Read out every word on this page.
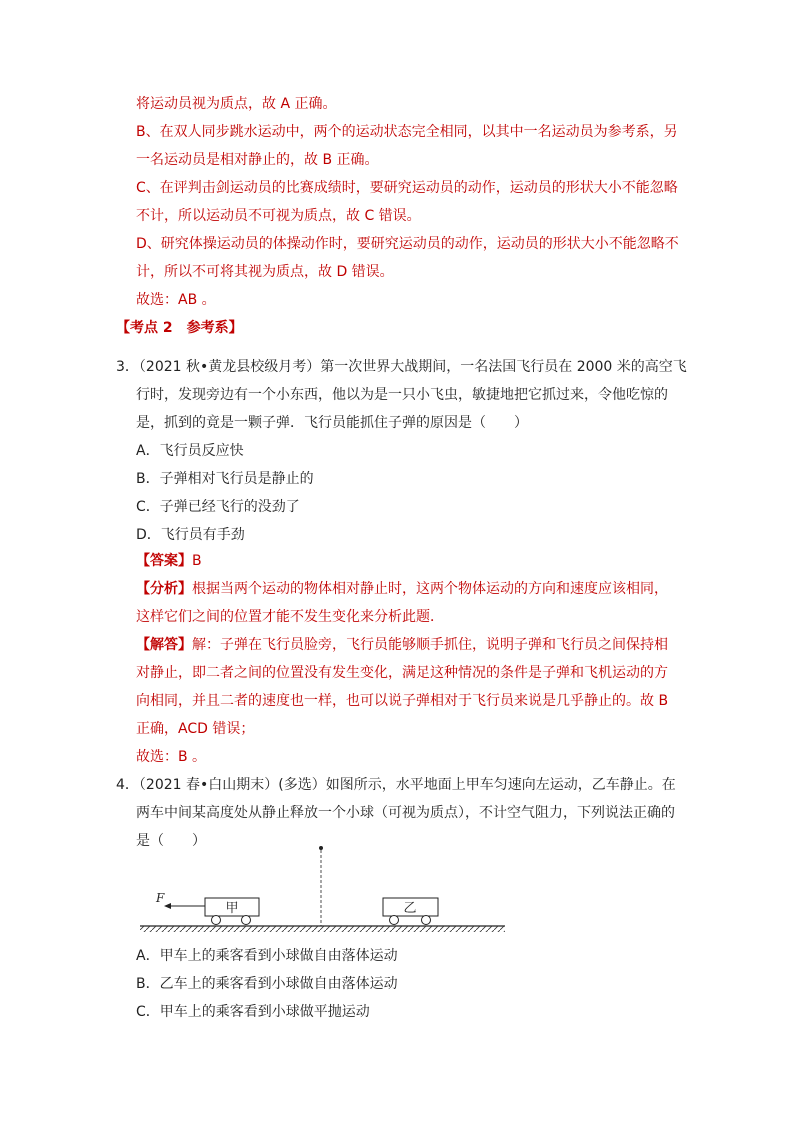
将运动员视为质点，故 A 正确。
B、在双人同步跳水运动中，两个的运动状态完全相同，以其中一名运动员为参考系，另
一名运动员是相对静止的，故 B 正确。
C、在评判击剑运动员的比赛成绩时，要研究运动员的动作，运动员的形状大小不能忽略
不计，所以运动员不可视为质点，故 C 错误。
D、研究体操运动员的体操动作时，要研究运动员的动作，运动员的形状大小不能忽略不
计，所以不可将其视为质点，故 D 错误。
故选：AB 。
【考点 2　参考系】
3．（2021 秋•黄龙县校级月考）第一次世界大战期间，一名法国飞行员在 2000 米的高空飞
行时，发现旁边有一个小东西，他以为是一只小飞虫，敏捷地把它抓过来，令他吃惊的
是，抓到的竟是一颗子弹．飞行员能抓住子弹的原因是（　　）
A．飞行员反应快
B．子弹相对飞行员是静止的
C．子弹已经飞行的没劲了
D．飞行员有手劲
【答案】B
【分析】根据当两个运动的物体相对静止时，这两个物体运动的方向和速度应该相同，
这样它们之间的位置才能不发生变化来分析此题．
【解答】解：子弹在飞行员脸旁，飞行员能够顺手抓住，说明子弹和飞行员之间保持相
对静止，即二者之间的位置没有发生变化，满足这种情况的条件是子弹和飞机运动的方
向相同，并且二者的速度也一样，也可以说子弹相对于飞行员来说是几乎静止的。故 B
正确，ACD 错误；
故选：B 。
4．（2021 春•白山期末）(多选）如图所示，水平地面上甲车匀速向左运动，乙车静止。在
两车中间某高度处从静止释放一个小球（可视为质点），不计空气阻力，下列说法正确的
是（　　）
甲
F
乙
A．甲车上的乘客看到小球做自由落体运动
B．乙车上的乘客看到小球做自由落体运动
C．甲车上的乘客看到小球做平抛运动
